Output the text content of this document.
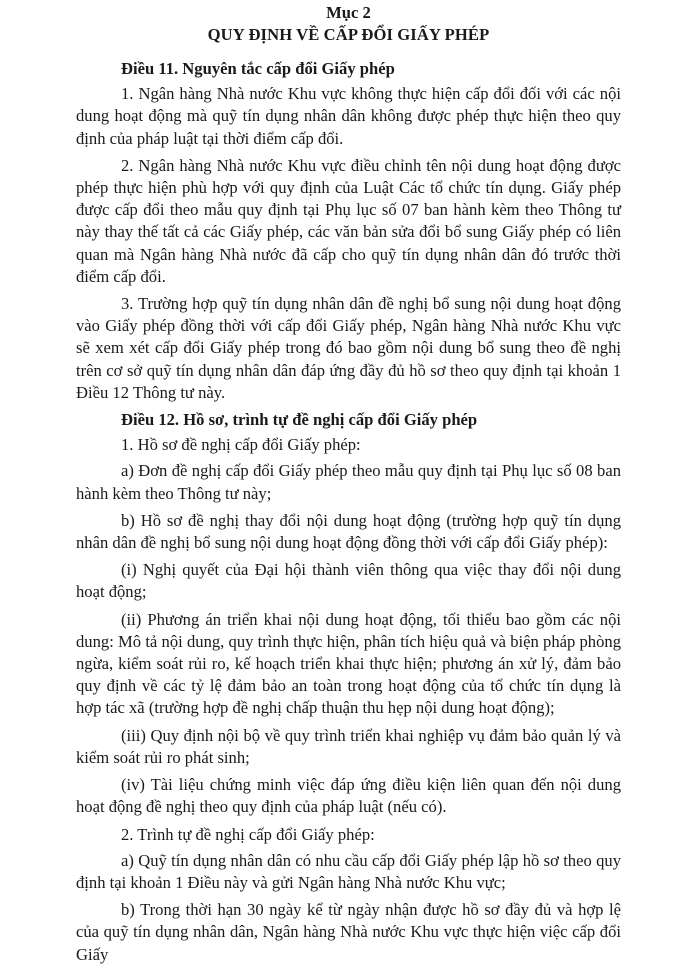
Mục 2
QUY ĐỊNH VỀ CẤP ĐỔI GIẤY PHÉP
Điều 11. Nguyên tắc cấp đổi Giấy phép
1. Ngân hàng Nhà nước Khu vực không thực hiện cấp đổi đối với các nội dung hoạt động mà quỹ tín dụng nhân dân không được phép thực hiện theo quy định của pháp luật tại thời điểm cấp đổi.
2. Ngân hàng Nhà nước Khu vực điều chỉnh tên nội dung hoạt động được phép thực hiện phù hợp với quy định của Luật Các tổ chức tín dụng. Giấy phép được cấp đổi theo mẫu quy định tại Phụ lục số 07 ban hành kèm theo Thông tư này thay thế tất cả các Giấy phép, các văn bản sửa đổi bổ sung Giấy phép có liên quan mà Ngân hàng Nhà nước đã cấp cho quỹ tín dụng nhân dân đó trước thời điểm cấp đổi.
3. Trường hợp quỹ tín dụng nhân dân đề nghị bổ sung nội dung hoạt động vào Giấy phép đồng thời với cấp đổi Giấy phép, Ngân hàng Nhà nước Khu vực sẽ xem xét cấp đổi Giấy phép trong đó bao gồm nội dung bổ sung theo đề nghị trên cơ sở quỹ tín dụng nhân dân đáp ứng đầy đủ hồ sơ theo quy định tại khoản 1 Điều 12 Thông tư này.
Điều 12. Hồ sơ, trình tự đề nghị cấp đổi Giấy phép
1. Hồ sơ đề nghị cấp đổi Giấy phép:
a) Đơn đề nghị cấp đổi Giấy phép theo mẫu quy định tại Phụ lục số 08 ban hành kèm theo Thông tư này;
b) Hồ sơ đề nghị thay đổi nội dung hoạt động (trường hợp quỹ tín dụng nhân dân đề nghị bổ sung nội dung hoạt động đồng thời với cấp đổi Giấy phép):
(i) Nghị quyết của Đại hội thành viên thông qua việc thay đổi nội dung hoạt động;
(ii) Phương án triển khai nội dung hoạt động, tối thiểu bao gồm các nội dung: Mô tả nội dung, quy trình thực hiện, phân tích hiệu quả và biện pháp phòng ngừa, kiểm soát rủi ro, kế hoạch triển khai thực hiện; phương án xử lý, đảm bảo quy định về các tỷ lệ đảm bảo an toàn trong hoạt động của tổ chức tín dụng là hợp tác xã (trường hợp đề nghị chấp thuận thu hẹp nội dung hoạt động);
(iii) Quy định nội bộ về quy trình triển khai nghiệp vụ đảm bảo quản lý và kiểm soát rủi ro phát sinh;
(iv) Tài liệu chứng minh việc đáp ứng điều kiện liên quan đến nội dung hoạt động đề nghị theo quy định của pháp luật (nếu có).
2. Trình tự đề nghị cấp đổi Giấy phép:
a) Quỹ tín dụng nhân dân có nhu cầu cấp đổi Giấy phép lập hồ sơ theo quy định tại khoản 1 Điều này và gửi Ngân hàng Nhà nước Khu vực;
b) Trong thời hạn 30 ngày kể từ ngày nhận được hồ sơ đầy đủ và hợp lệ của quỹ tín dụng nhân dân, Ngân hàng Nhà nước Khu vực thực hiện việc cấp đổi Giấy
